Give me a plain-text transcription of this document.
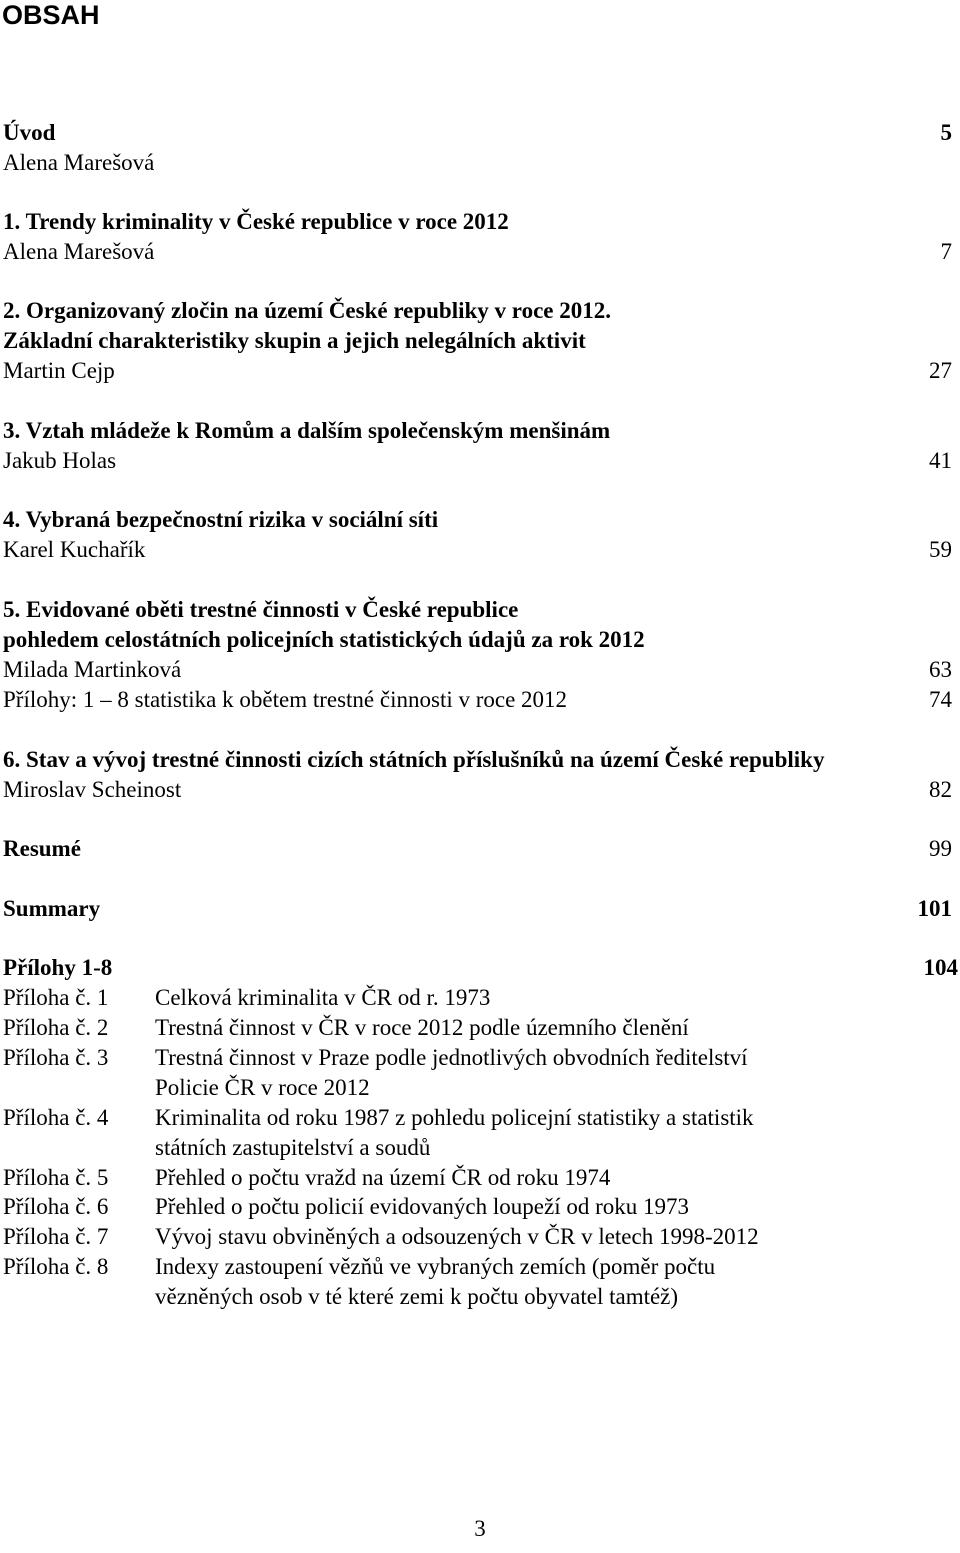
OBSAH
Úvod	5
Alena Marešová
1. Trendy kriminality v České republice v roce 2012
Alena Marešová	7
2. Organizovaný zločin na území České republiky v roce 2012.
Základní charakteristiky skupin a jejich nelegálních aktivit
Martin Cejp	27
3. Vztah mládeže k Romům a dalším společenským menšinám
Jakub Holas	41
4. Vybraná bezpečnostní rizika v sociální síti
Karel Kuchařík	59
5. Evidované oběti trestné činnosti v České republice
pohledem celostátních policejních statistických údajů za rok 2012
Milada Martinková	63
Přílohy: 1 – 8 statistika k obětem trestné činnosti v roce 2012	74
6. Stav a vývoj trestné činnosti cizích státních příslušníků na území České republiky
Miroslav Scheinost	82
Resumé	99
Summary	101
Přílohy 1-8	104
Příloha č. 1 Celková kriminalita v ČR od r. 1973
Příloha č. 2 Trestná činnost v ČR v roce 2012 podle územního členění
Příloha č. 3 Trestná činnost v Praze podle jednotlivých obvodních ředitelství
Policie ČR v roce 2012
Příloha č. 4 Kriminalita od roku 1987 z pohledu policejní statistiky a statistik
státních zastupitelství a soudů
Příloha č. 5 Přehled o počtu vražd na území ČR od roku 1974
Příloha č. 6 Přehled o počtu policií evidovaných loupeží od roku 1973
Příloha č. 7 Vývoj stavu obviněných a odsouzených v ČR v letech 1998-2012
Příloha č. 8 Indexy zastoupení vězňů ve vybraných zemích (poměr počtu
vězněných osob v té které zemi k počtu obyvatel tamtéž)
3
